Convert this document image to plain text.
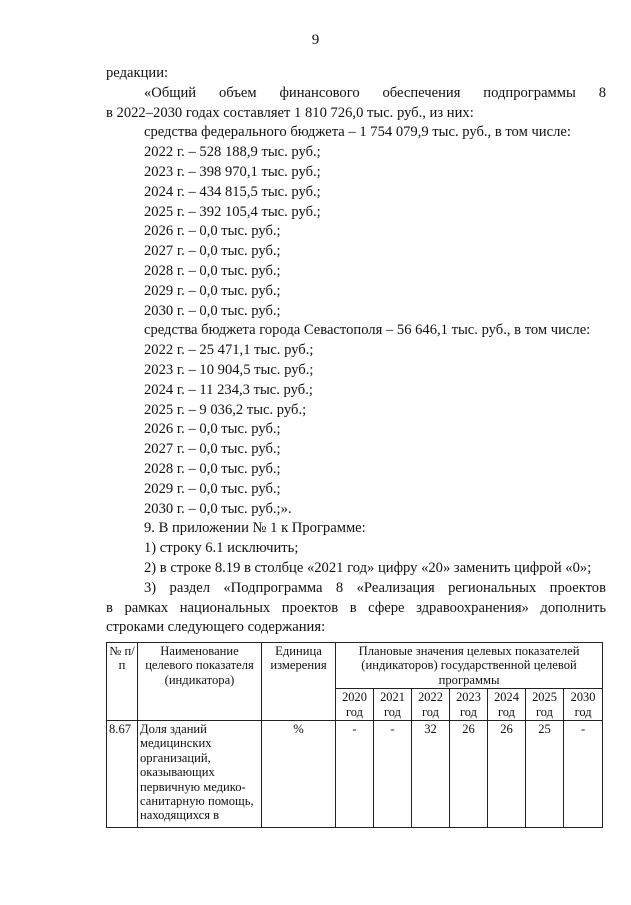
9
редакции:
«Общий объем финансового обеспечения подпрограммы 8
в 2022–2030 годах составляет 1 810 726,0 тыс. руб., из них:
средства федерального бюджета – 1 754 079,9 тыс. руб., в том числе:
2022 г. – 528 188,9 тыс. руб.;
2023 г. – 398 970,1 тыс. руб.;
2024 г. – 434 815,5 тыс. руб.;
2025 г. – 392 105,4 тыс. руб.;
2026 г. – 0,0 тыс. руб.;
2027 г. – 0,0 тыс. руб.;
2028 г. – 0,0 тыс. руб.;
2029 г. – 0,0 тыс. руб.;
2030 г. – 0,0 тыс. руб.;
средства бюджета города Севастополя – 56 646,1 тыс. руб., в том числе:
2022 г. – 25 471,1 тыс. руб.;
2023 г. – 10 904,5 тыс. руб.;
2024 г. – 11 234,3 тыс. руб.;
2025 г. – 9 036,2 тыс. руб.;
2026 г. – 0,0 тыс. руб.;
2027 г. – 0,0 тыс. руб.;
2028 г. – 0,0 тыс. руб.;
2029 г. – 0,0 тыс. руб.;
2030 г. – 0,0 тыс. руб.;».
9. В приложении № 1 к Программе:
1) строку 6.1 исключить;
2) в строке 8.19 в столбце «2021 год» цифру «20» заменить цифрой «0»;
3) раздел «Подпрограмма 8 «Реализация региональных проектов
в рамках национальных проектов в сфере здравоохранения» дополнить
строками следующего содержания:
№ п/п	Наименование целевого показателя (индикатора)	Единица измерения	Плановые значения целевых показателей (индикаторов) государственной целевой программы						
			2020 год	2021 год	2022 год	2023 год	2024 год	2025 год	2030 год
8.67	Доля зданий медицинских организаций, оказывающих первичную медико-санитарную помощь, находящихся в	%	-	-	32	26	26	25	-
